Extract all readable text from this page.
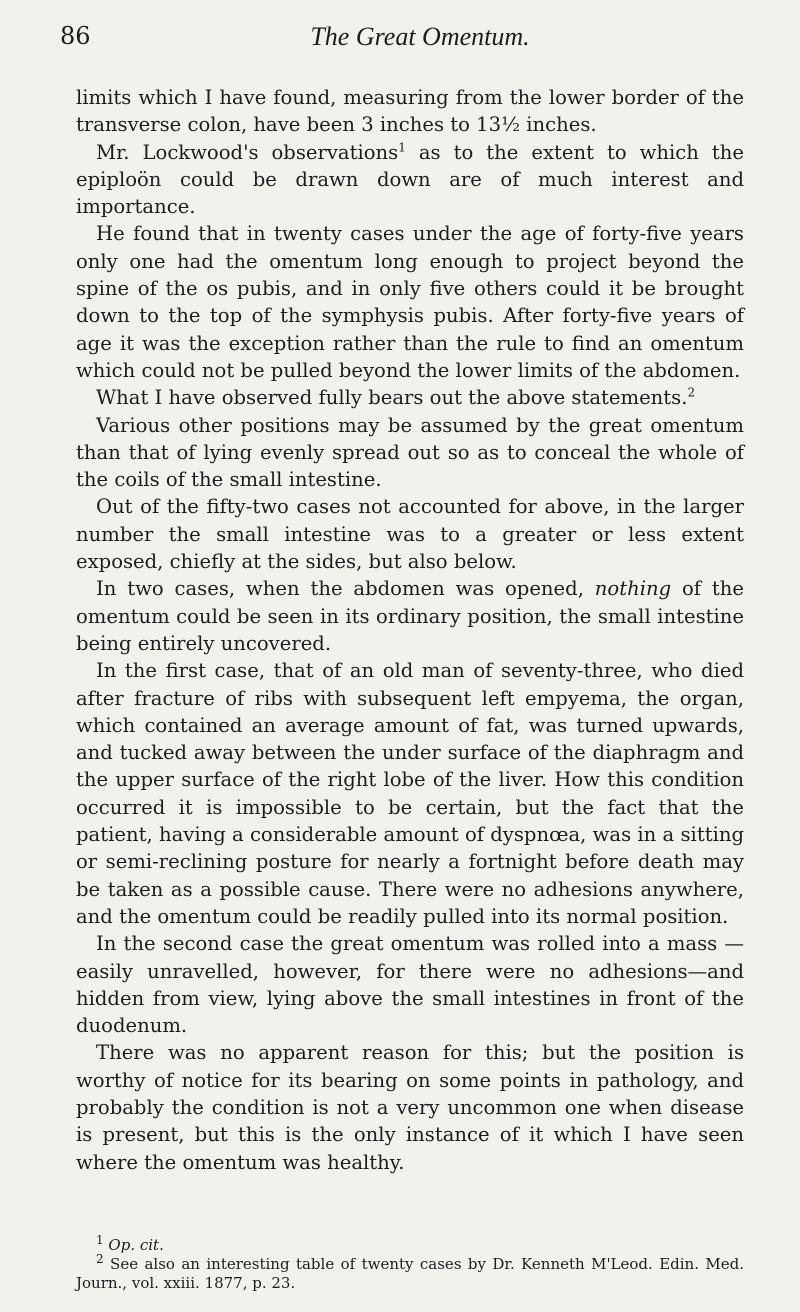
86	The Great Omentum.

limits which I have found, measuring from the lower border of the transverse colon, have been 3 inches to 13½ inches.

Mr. Lockwood's observations$^1$ as to the extent to which the epiploön could be drawn down are of much interest and importance.

He found that in twenty cases under the age of forty-five years only one had the omentum long enough to project beyond the spine of the os pubis, and in only five others could it be brought down to the top of the symphysis pubis. After forty-five years of age it was the exception rather than the rule to find an omentum which could not be pulled beyond the lower limits of the abdomen.

What I have observed fully bears out the above statements.$^2$

Various other positions may be assumed by the great omentum than that of lying evenly spread out so as to conceal the whole of the coils of the small intestine.

Out of the fifty-two cases not accounted for above, in the larger number the small intestine was to a greater or less extent exposed, chiefly at the sides, but also below.

In two cases, when the abdomen was opened, nothing of the omentum could be seen in its ordinary position, the small intestine being entirely uncovered.

In the first case, that of an old man of seventy-three, who died after fracture of ribs with subsequent left empyema, the organ, which contained an average amount of fat, was turned upwards, and tucked away between the under surface of the diaphragm and the upper surface of the right lobe of the liver. How this condition occurred it is impossible to be certain, but the fact that the patient, having a considerable amount of dyspnœa, was in a sitting or semi-reclining posture for nearly a fortnight before death may be taken as a possible cause. There were no adhesions anywhere, and the omentum could be readily pulled into its normal position.

In the second case the great omentum was rolled into a mass —easily unravelled, however, for there were no adhesions—and hidden from view, lying above the small intestines in front of the duodenum.

There was no apparent reason for this; but the position is worthy of notice for its bearing on some points in pathology, and probably the condition is not a very uncommon one when disease is present, but this is the only instance of it which I have seen where the omentum was healthy.

$^1$ Op. cit.

$^2$ See also an interesting table of twenty cases by Dr. Kenneth M'Leod. Edin. Med. Journ., vol. xxiii. 1877, p. 23.
